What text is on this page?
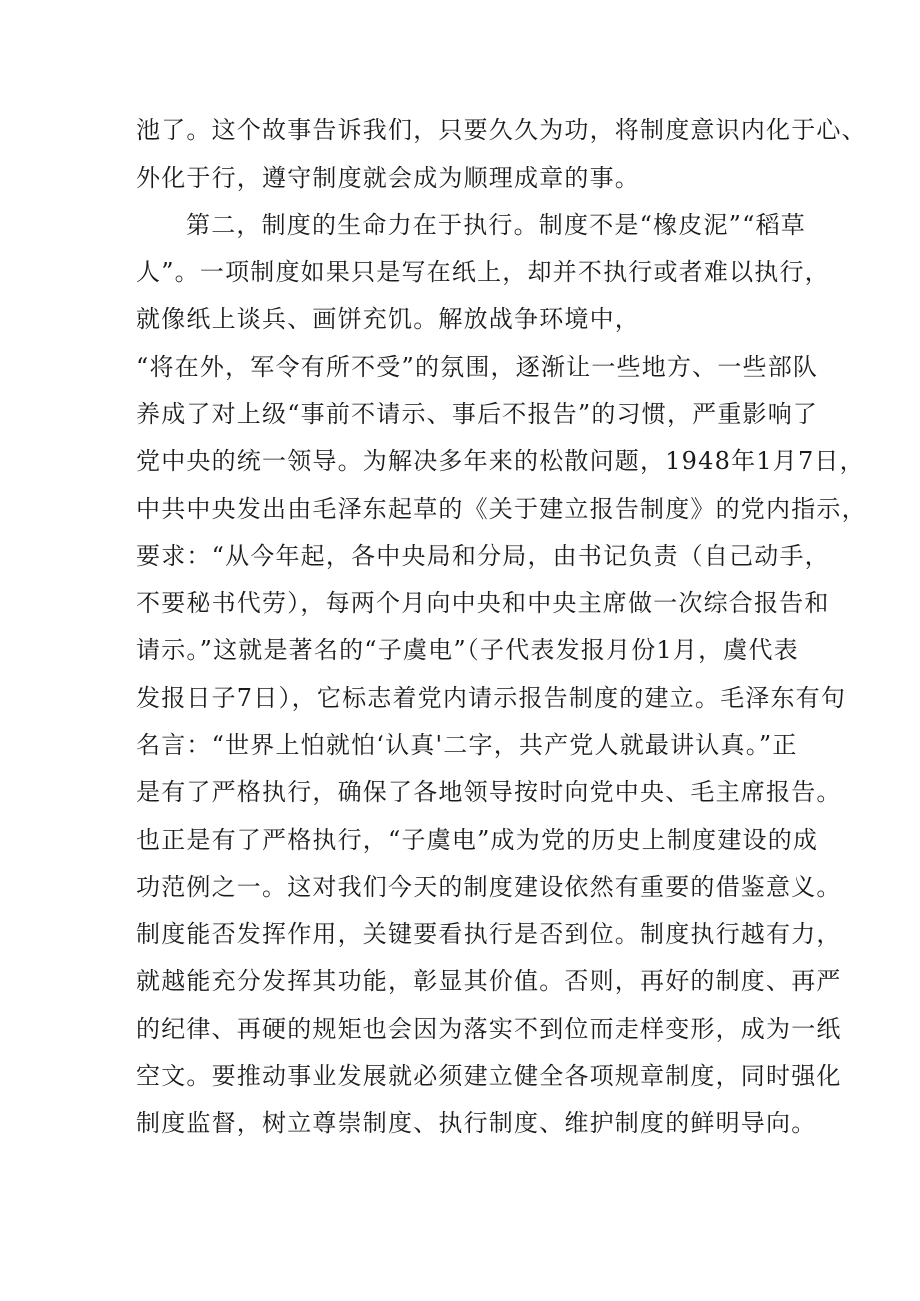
池了。这个故事告诉我们，只要久久为功，将制度意识内化于心、
外化于行，遵守制度就会成为顺理成章的事。
第二，制度的生命力在于执行。制度不是“橡皮泥”“稻草
人”。一项制度如果只是写在纸上，却并不执行或者难以执行，
就像纸上谈兵、画饼充饥。解放战争环境中，
“将在外，军令有所不受”的氛围，逐渐让一些地方、一些部队
养成了对上级“事前不请示、事后不报告”的习惯，严重影响了
党中央的统一领导。为解决多年来的松散问题，1948年1月7日，
中共中央发出由毛泽东起草的《关于建立报告制度》的党内指示，
要求：“从今年起，各中央局和分局，由书记负责（自己动手，
不要秘书代劳），每两个月向中央和中央主席做一次综合报告和
请示。”这就是著名的“子虞电”（子代表发报月份1月，虞代表
发报日子7日），它标志着党内请示报告制度的建立。毛泽东有句
名言：“世界上怕就怕‘认真'二字，共产党人就最讲认真。”正
是有了严格执行，确保了各地领导按时向党中央、毛主席报告。
也正是有了严格执行，“子虞电”成为党的历史上制度建设的成
功范例之一。这对我们今天的制度建设依然有重要的借鉴意义。
制度能否发挥作用，关键要看执行是否到位。制度执行越有力，
就越能充分发挥其功能，彰显其价值。否则，再好的制度、再严
的纪律、再硬的规矩也会因为落实不到位而走样变形，成为一纸
空文。要推动事业发展就必须建立健全各项规章制度，同时强化
制度监督，树立尊崇制度、执行制度、维护制度的鲜明导向。
